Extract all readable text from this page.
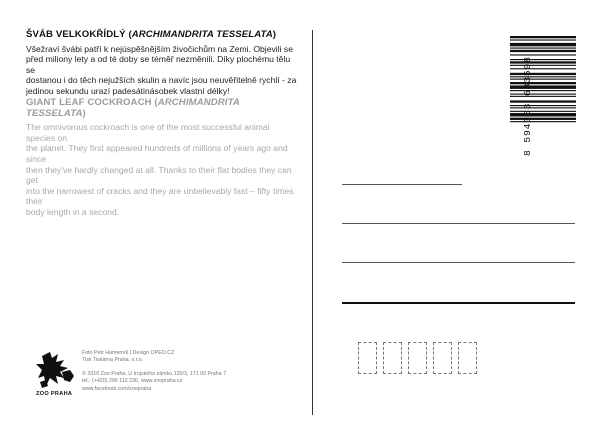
ŠVÁB VELKOKŘÍDLÝ (ARCHIMANDRITA TESSELATA)
Všežraví švábi patří k nejúspěšnějším živočichům na Zemi. Objevili se
před miliony lety a od té doby se téměř nezměnili. Díky plochému tělu se
dostanou i do těch nejužších skulin a navíc jsou neuvěřitelně rychlí - za
jedinou sekundu urazí padesátinásobek vlastní délky!
GIANT LEAF COCKROACH (ARCHIMANDRITA TESSELATA)
The omnivorous cockroach is one of the most successful animal species on
the planet. They first appeared hundreds of millions of years ago and since
then they've hardly changed at all. Thanks to their flat bodies they can get
into the narrowest of cracks and they are unbelievably fast – fifty times their
body length in a second.
8 594063 683598
ZOO PRAHA
Foto Petr Hamerník | Design OPEO.CZ
Tisk Tiskárna Praha, s.r.o.
© 2010 Zoo Praha, U trojského zámku 120/3, 171 00 Praha 7
tel.: (+420) 296 112 230, www.zoopraha.cz
www.facebook.com/zoopraha
